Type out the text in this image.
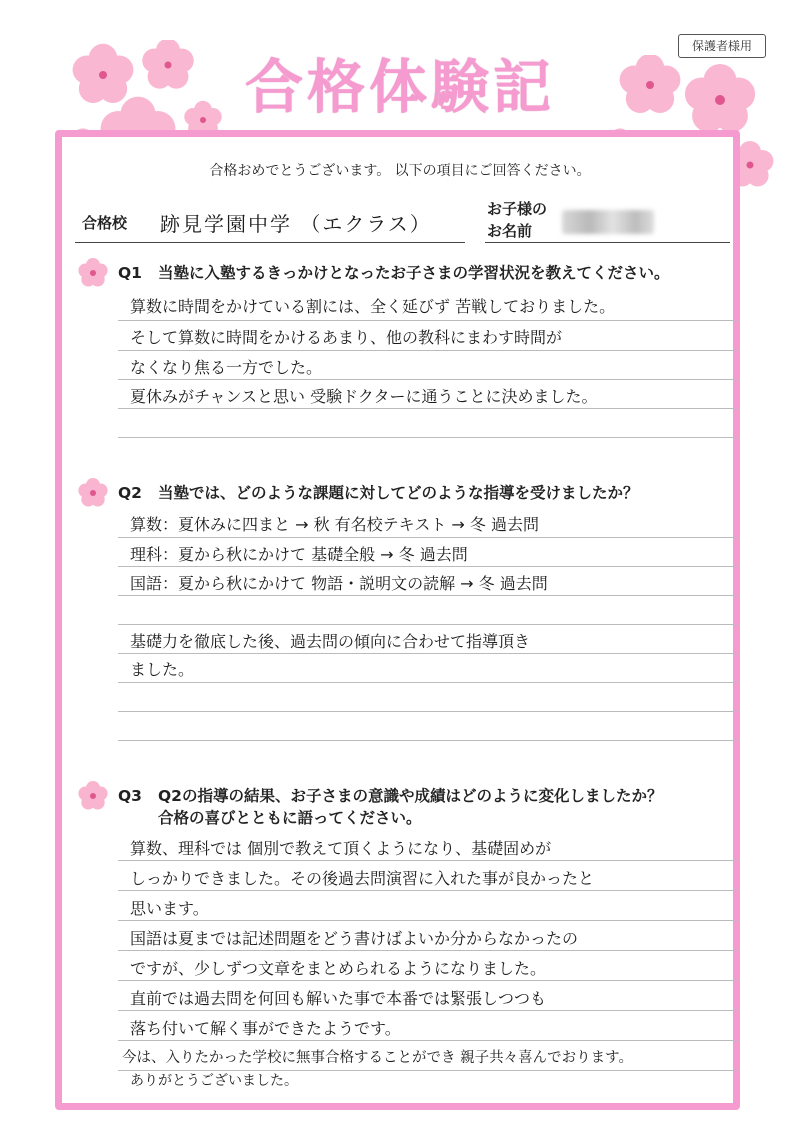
保護者様用
合格体験記
合格おめでとうございます。 以下の項目にご回答ください。
合格校 跡見学園中学 （エクラス）
お子様の
お名前
Q1	当塾に入塾するきっかけとなったお子さまの学習状況を教えてください。
算数に時間をかけている割には、全く延びず 苦戦しておりました。
そして算数に時間をかけるあまり、他の教科にまわす時間が
なくなり焦る一方でした。
夏休みがチャンスと思い 受験ドクターに通うことに決めました。
Q2	当塾では、どのような課題に対してどのような指導を受けましたか？
算数：夏休みに四まと → 秋 有名校テキスト → 冬 過去問
理科：夏から秋にかけて 基礎全般 → 冬 過去問
国語：夏から秋にかけて 物語・説明文の読解 → 冬 過去問
基礎力を徹底した後、過去問の傾向に合わせて指導頂き
ました。
Q3	Q2の指導の結果、お子さまの意識や成績はどのように変化しましたか？
合格の喜びとともに語ってください。
算数、理科では 個別で教えて頂くようになり、基礎固めが
しっかりできました。その後過去問演習に入れた事が良かったと
思います。
国語は夏までは記述問題をどう書けばよいか分からなかったの
ですが、少しずつ文章をまとめられるようになりました。
直前では過去問を何回も解いた事で本番では緊張しつつも
落ち付いて解く事ができたようです。
今は、入りたかった学校に無事合格することができ 親子共々喜んでおります。
ありがとうございました。
